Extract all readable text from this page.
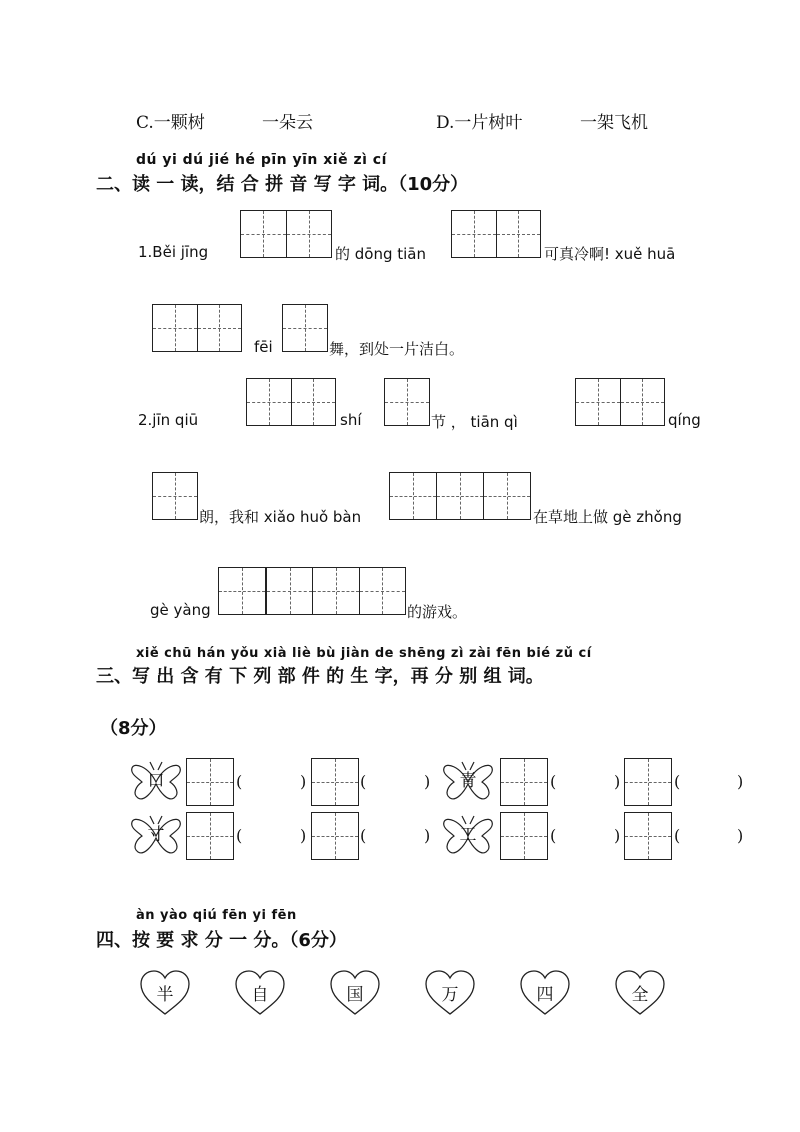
C.一颗树	一朵云	D.一片树叶	一架飞机
dú yi dú jié hé pīn yīn xiě zì cí
二、读 一 读，结 合 拼 音 写 字 词。（10分）
1.Běi jīng	的 dōng tiān	可真冷啊! xuě huā
fēi	舞，到处一片洁白。
2.jīn qiū	shí	节 ， tiān qì	qíng
朗，我和 xiǎo huǒ bàn	在草地上做 gè zhǒng
gè yàng	的游戏。
xiě chū hán yǒu xià liè bù jiàn de shēng zì zài fēn bié zǔ cí
三、写 出 含 有 下 列 部 件 的 生 字，再 分 别 组 词。
（8分）
口	(	)	(	) 青	(	)	(	)
寸	(	)	(	) 工	(	)	(	)
àn yào qiú fēn yi fēn
四、按 要 求 分 一 分。（6分）
半	自	国	万	四	全
